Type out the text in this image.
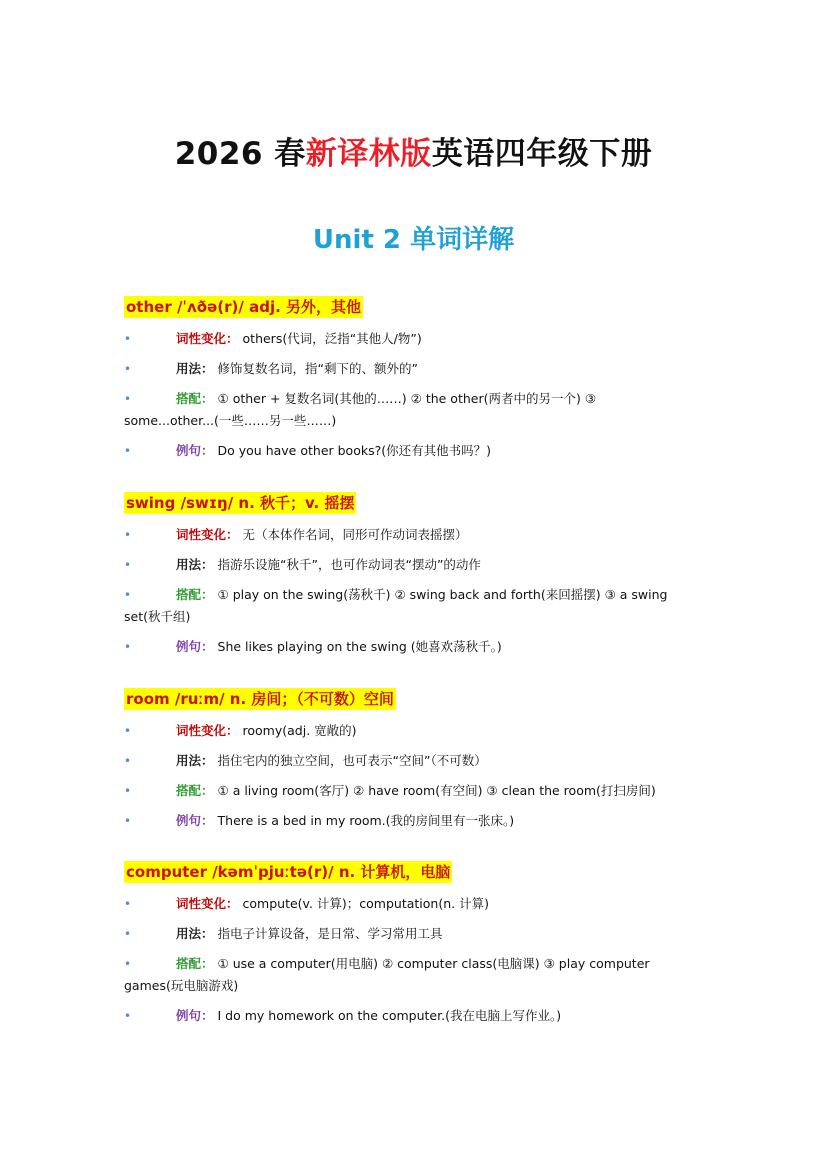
2026 春新译林版英语四年级下册
Unit 2 单词详解
other /ˈʌðə(r)/ adj. 另外，其他
•	词性变化： others(代词，泛指“其他人/物”)
•	用法： 修饰复数名词，指“剩下的、额外的”
•	搭配： ① other + 复数名词(其他的……) ② the other(两者中的另一个) ③
some...other...(一些……另一些……)
•	例句： Do you have other books?(你还有其他书吗？)
swing /swɪŋ/ n. 秋千；v. 摇摆
•	词性变化： 无（本体作名词，同形可作动词表摇摆）
•	用法： 指游乐设施“秋千”，也可作动词表“摆动”的动作
•	搭配： ① play on the swing(荡秋千) ② swing back and forth(来回摇摆) ③ a swing
set(秋千组)
•	例句： She likes playing on the swing (她喜欢荡秋千。)
room /ruːm/ n. 房间；（不可数）空间
•	词性变化： roomy(adj. 宽敞的)
•	用法： 指住宅内的独立空间，也可表示“空间”（不可数）
•	搭配： ① a living room(客厅) ② have room(有空间) ③ clean the room(打扫房间)
•	例句： There is a bed in my room.(我的房间里有一张床。)
computer /kəmˈpjuːtə(r)/ n. 计算机，电脑
•	词性变化： compute(v. 计算)；computation(n. 计算)
•	用法： 指电子计算设备，是日常、学习常用工具
•	搭配： ① use a computer(用电脑) ② computer class(电脑课) ③ play computer
games(玩电脑游戏)
•	例句： I do my homework on the computer.(我在电脑上写作业。)
